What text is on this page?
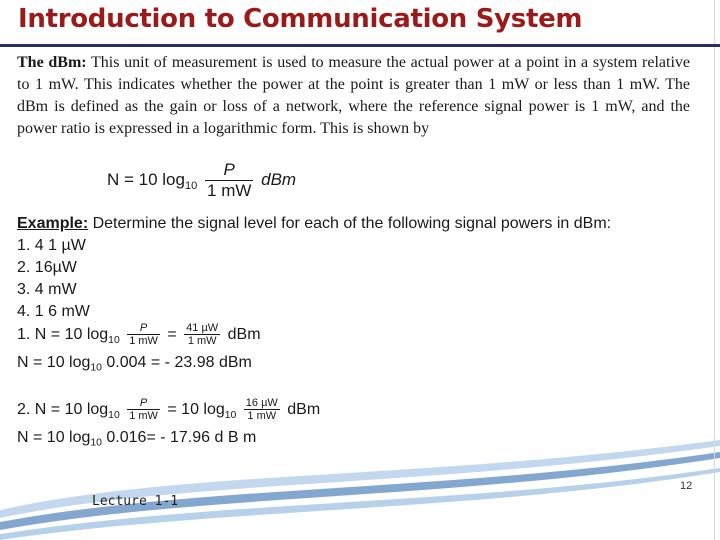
Introduction to Communication System

The dBm: This unit of measurement is used to measure the actual power at a point in a system relative to 1 mW. This indicates whether the power at the point is greater than 1 mW or less than 1 mW. The dBm is defined as the gain or loss of a network, where the reference signal power is 1 mW, and the power ratio is expressed in a logarithmic form. This is shown by

N = 10 $\log_{10} \frac{P}{1 mW}$ dBm
Example: Determine the signal level for each of the following signal powers in dBm:
1. 4 1 µW
2. 16µW
3. 4 mW
4. 1 6 mW
1. N = 10 $\log_{10} \frac{P}{1 mW} = \frac{\text{41 µW}}{1 mW}$ dBm
N = 10 $\log_{10} 0.004$ = - 23.98 dBm
2. N = 10 $\log_{10} \frac{P}{1 mW} = 10$ $\log_{10} \frac{\text{16 µW}}{1 mW}$ dBm
N = 10 $\log_{10} 0.016= - 17.96$ d B m
Lecture 1-1
12
